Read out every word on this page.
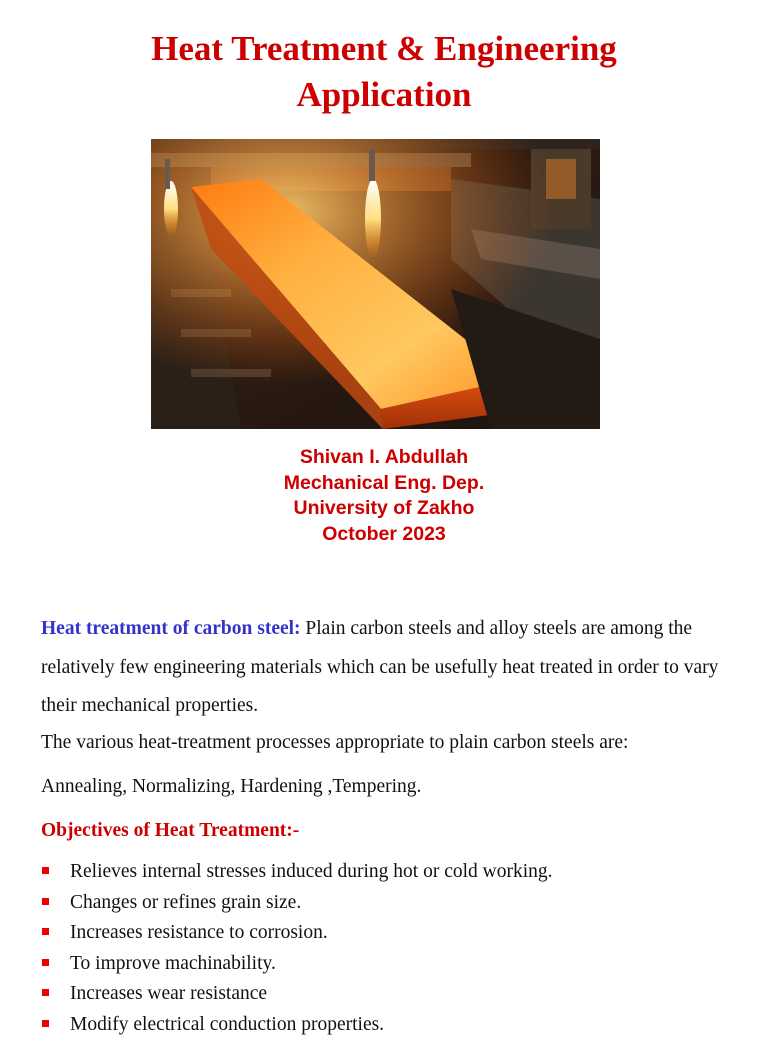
Heat Treatment & Engineering
Application
Shivan I. Abdullah
Mechanical Eng. Dep.
University of Zakho
October 2023
Heat treatment of carbon steel: Plain carbon steels and alloy steels are among the relatively few engineering materials which can be usefully heat treated in order to vary their mechanical properties.
The various heat-treatment processes appropriate to plain carbon steels are:
Annealing, Normalizing, Hardening ,Tempering.
Objectives of Heat Treatment:-
Relieves internal stresses induced during hot or cold working.
Changes or refines grain size.
Increases resistance to corrosion.
To improve machinability.
Increases wear resistance
Modify electrical conduction properties.
